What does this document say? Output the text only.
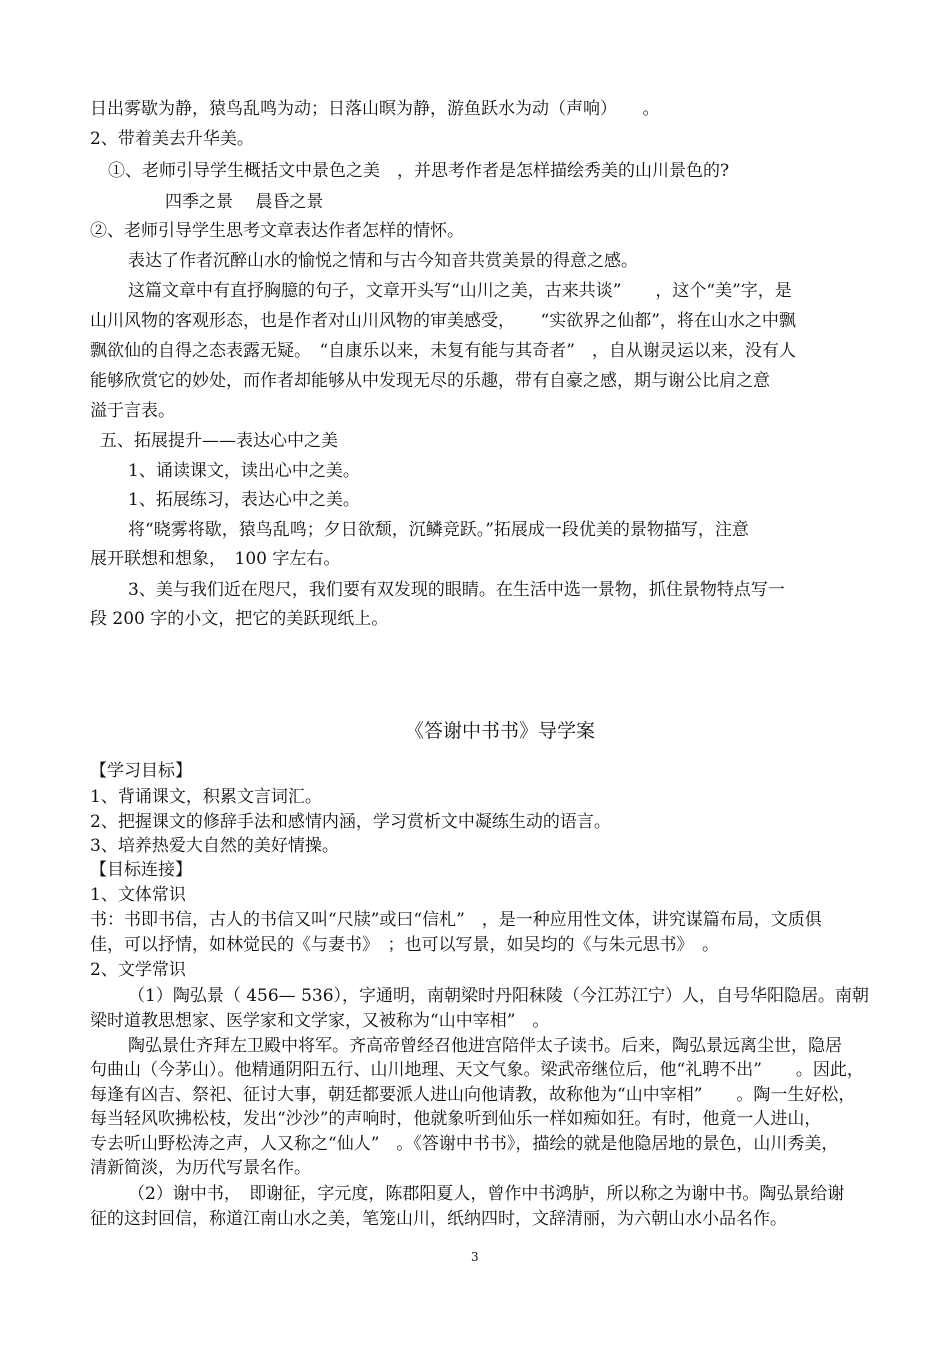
日出雾歇为静，猿鸟乱鸣为动；日落山暝为静，游鱼跃水为动（声响）　　。
2、带着美去升华美。
①、老师引导学生概括文中景色之美　，并思考作者是怎样描绘秀美的山川景色的?
四季之景　 晨昏之景
②、老师引导学生思考文章表达作者怎样的情怀。
表达了作者沉醉山水的愉悦之情和与古今知音共赏美景的得意之感。
这篇文章中有直抒胸臆的句子，文章开头写“山川之美，古来共谈”　　，这个“美”字，是
山川风物的客观形态，也是作者对山川风物的审美感受，　　“实欲界之仙都”，将在山水之中飘
飘欲仙的自得之态表露无疑。　“自康乐以来，未复有能与其奇者”　，自从谢灵运以来，没有人
能够欣赏它的妙处，而作者却能够从中发现无尽的乐趣，带有自豪之感，期与谢公比肩之意
溢于言表。
五、拓展提升——表达心中之美
1、诵读课文，读出心中之美。
1、拓展练习，表达心中之美。
将“晓雾将歇，猿鸟乱鸣；夕日欲颓，沉鳞竞跃。”拓展成一段优美的景物描写，注意
展开联想和想象，　100 字左右。
3、美与我们近在咫尺，我们要有双发现的眼睛。在生活中选一景物，抓住景物特点写一
段 200 字的小文，把它的美跃现纸上。
《答谢中书书》导学案
【学习目标】
1、背诵课文，积累文言词汇。
2、把握课文的修辞手法和感情内涵，学习赏析文中凝练生动的语言。
3、培养热爱大自然的美好情操。
【目标连接】
1、文体常识
书：书即书信，古人的书信又叫“尺牍”或曰“信札”　，是一种应用性文体，讲究谋篇布局，文质俱
佳，可以抒情，如林觉民的《与妻书》　；也可以写景，如吴均的《与朱元思书》　。
2、文学常识
（1）陶弘景（ 456— 536），字通明，南朝梁时丹阳秣陵（今江苏江宁）人，自号华阳隐居。南朝
梁时道教思想家、医学家和文学家，又被称为“山中宰相”　。
陶弘景仕齐拜左卫殿中将军。齐高帝曾经召他进宫陪伴太子读书。后来，陶弘景远离尘世，隐居
句曲山（今茅山）。他精通阴阳五行、山川地理、天文气象。梁武帝继位后，他“礼聘不出”　　。因此，
每逢有凶吉、祭祀、征讨大事，朝廷都要派人进山向他请教，故称他为“山中宰相”　　。陶一生好松，
每当轻风吹拂松枝，发出“沙沙”的声响时，他就象听到仙乐一样如痴如狂。有时，他竟一人进山，
专去听山野松涛之声，人又称之“仙人”　。《答谢中书书》，描绘的就是他隐居地的景色，山川秀美，
清新简淡，为历代写景名作。
（2）谢中书，　即谢征，字元度，陈郡阳夏人，曾作中书鸿胪，所以称之为谢中书。陶弘景给谢
征的这封回信，称道江南山水之美，笔笼山川，纸纳四时，文辞清丽，为六朝山水小品名作。
3
